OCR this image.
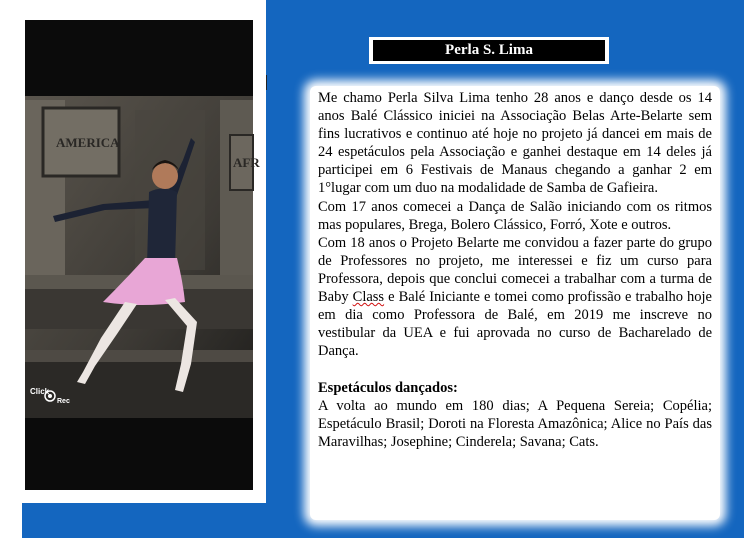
Click
Rec
AMERICA
AFR
Perla S. Lima

Me chamo Perla Silva Lima tenho 28 anos e danço desde os 14 anos Balé Clássico iniciei na Associação Belas Arte-Belarte sem fins lucrativos e continuo até hoje no projeto já dancei em mais de 24 espetáculos pela Associação e ganhei destaque em 14 deles já participei em 6 Festivais de Manaus chegando a ganhar 2 em 1°lugar com um duo na modalidade de Samba de Gafieira.

Com 17 anos comecei a Dança de Salão iniciando com os ritmos mas populares, Brega, Bolero Clássico, Forró, Xote e outros.

Com 18 anos o Projeto Belarte me convidou a fazer parte do grupo de Professores no projeto, me interessei e fiz um curso para Professora, depois que conclui comecei a trabalhar com a turma de Baby Class e Balé Iniciante e tomei como profissão e trabalho hoje em dia como Professora de Balé, em 2019 me inscreve no vestibular da UEA e fui aprovada no curso de Bacharelado de Dança.

Espetáculos dançados:

A volta ao mundo em 180 dias; A Pequena Sereia; Copélia; Espetáculo Brasil; Doroti na Floresta Amazônica; Alice no País das Maravilhas; Josephine; Cinderela; Savana; Cats.
